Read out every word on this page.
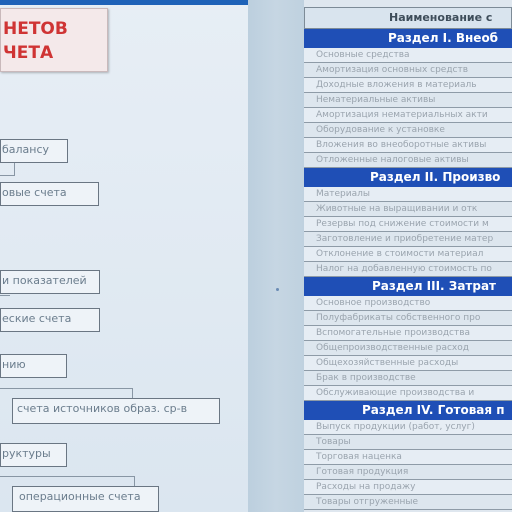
НЕТОВ
ЧЕТА
балансу
овые счета
и показателей
еские счета
нию
счета источников образ. ср-в
руктуры
операционные счета
Наименование с
Раздел I. Внеоб
Основные средства
Амортизация основных средств
Доходные вложения в материаль
Нематериальные активы
Амортизация нематериальных акти
Оборудование к установке
Вложения во внеоборотные активы
Отложенные налоговые активы
Раздел II. Произво
Материалы
Животные на выращивании и отк
Резервы под снижение стоимости м
Заготовление и приобретение матер
Отклонение в стоимости материал
Налог на добавленную стоимость по
Раздел III. Затрат
Основное производство
Полуфабрикаты собственного про
Вспомогательные производства
Общепроизводственные расход
Общехозяйственные расходы
Брак в производстве
Обслуживающие производства и
Раздел IV. Готовая п
Выпуск продукции (работ, услуг)
Товары
Торговая наценка
Готовая продукция
Расходы на продажу
Товары отгруженные
